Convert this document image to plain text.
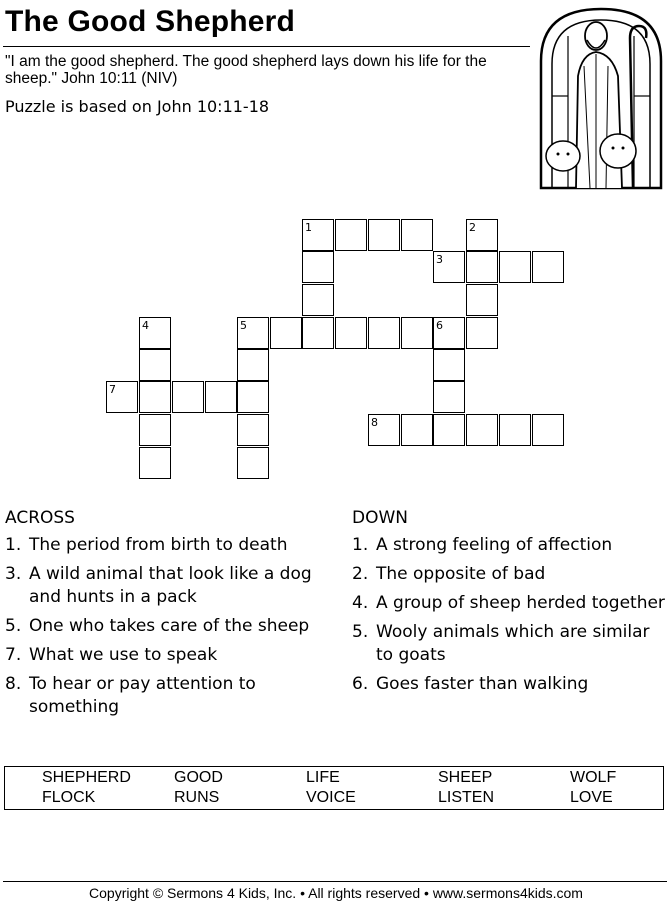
The Good Shepherd
"I am the good shepherd. The good shepherd lays down his life for the sheep." John 10:11 (NIV)
Puzzle is based on John 10:11-18
1	2
3
4	5	6
7
8
ACROSS
1. The period from birth to death
3. A wild animal that look like a dog and hunts in a pack
5. One who takes care of the sheep
7. What we use to speak
8. To hear or pay attention to something
DOWN
1. A strong feeling of affection
2. The opposite of bad
4. A group of sheep herded together
5. Wooly animals which are similar to goats
6. Goes faster than walking
SHEPHERD	GOOD	LIFE	SHEEP	WOLF
FLOCK	RUNS	VOICE	LISTEN	LOVE
Copyright © Sermons 4 Kids, Inc. • All rights reserved • www.sermons4kids.com
